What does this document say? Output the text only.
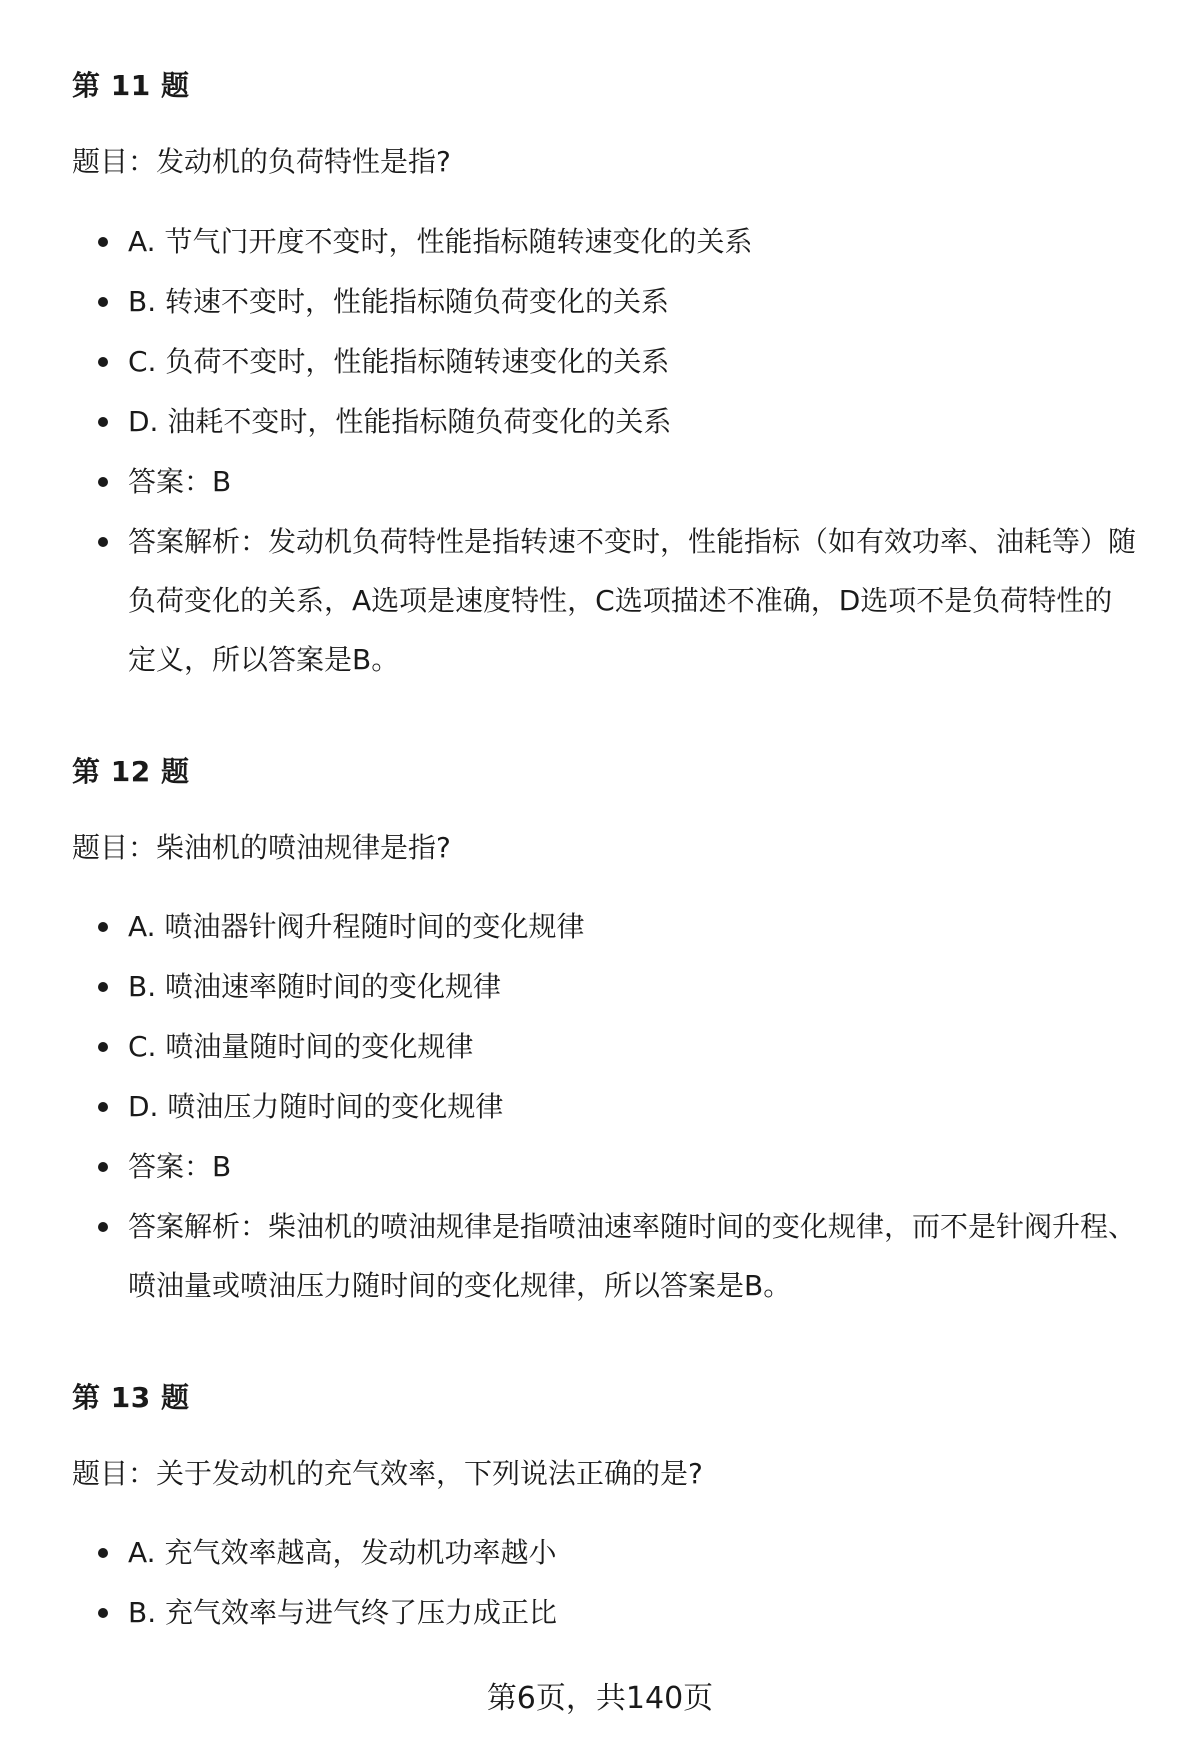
第 11 题

题目：发动机的负荷特性是指?

A. 节气门开度不变时，性能指标随转速变化的关系
B. 转速不变时，性能指标随负荷变化的关系
C. 负荷不变时，性能指标随转速变化的关系
D. 油耗不变时，性能指标随负荷变化的关系
答案：B
答案解析：发动机负荷特性是指转速不变时，性能指标（如有效功率、油耗等）随负荷变化的关系，A选项是速度特性，C选项描述不准确，D选项不是负荷特性的定义，所以答案是B。
第 12 题

题目：柴油机的喷油规律是指?

A. 喷油器针阀升程随时间的变化规律
B. 喷油速率随时间的变化规律
C. 喷油量随时间的变化规律
D. 喷油压力随时间的变化规律
答案：B
答案解析：柴油机的喷油规律是指喷油速率随时间的变化规律，而不是针阀升程、喷油量或喷油压力随时间的变化规律，所以答案是B。
第 13 题

题目：关于发动机的充气效率，下列说法正确的是?

A. 充气效率越高，发动机功率越小
B. 充气效率与进气终了压力成正比
第6页，共140页
